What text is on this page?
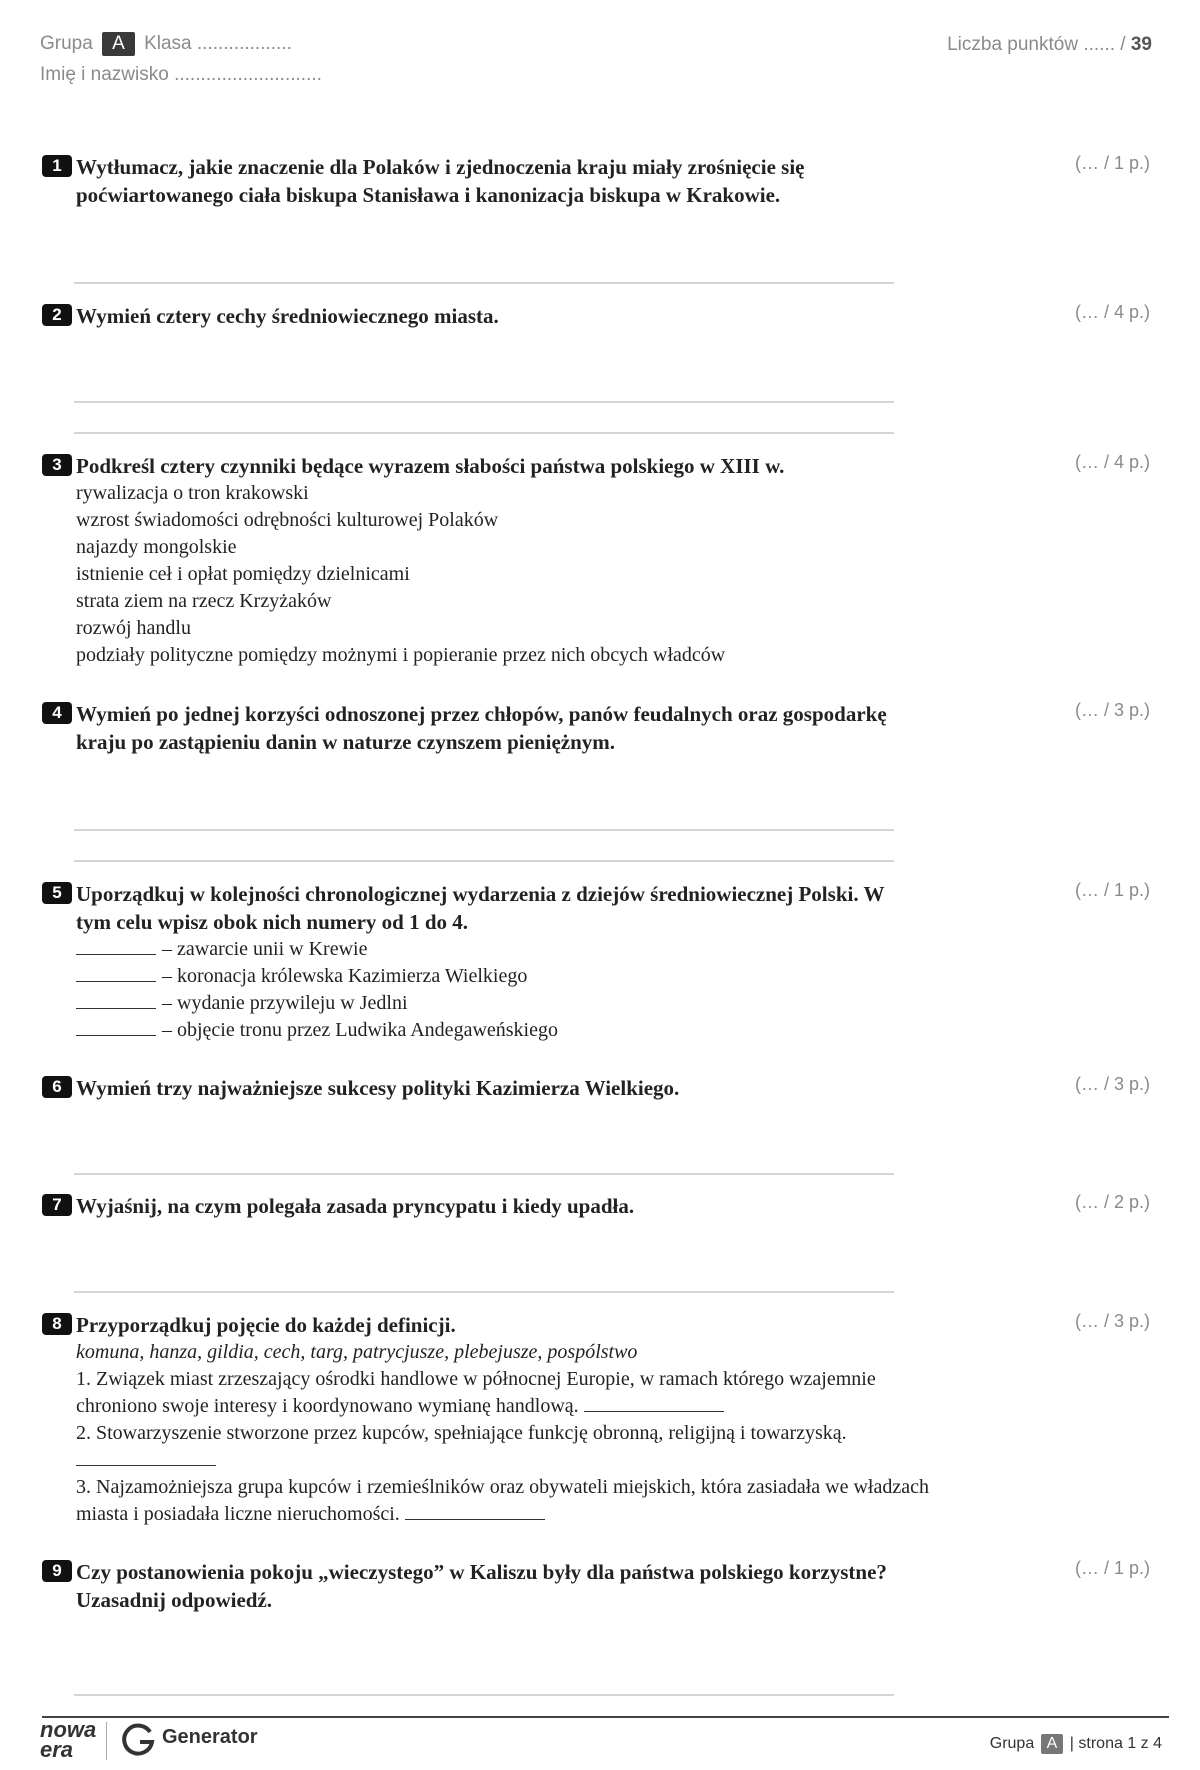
Grupa A Klasa ..................
Imię i nazwisko ............................
Liczba punktów ...... / 39
1 Wytłumacz, jakie znaczenie dla Polaków i zjednoczenia kraju miały zrośnięcie się poćwiartowanego ciała biskupa Stanisława i kanonizacja biskupa w Krakowie.
(… / 1 p.)
2 Wymień cztery cechy średniowiecznego miasta.	(… / 4 p.)
3 Podkreśl cztery czynniki będące wyrazem słabości państwa polskiego w XIII w.	(… / 4 p.)
rywalizacja o tron krakowski
wzrost świadomości odrębności kulturowej Polaków
najazdy mongolskie
istnienie ceł i opłat pomiędzy dzielnicami
strata ziem na rzecz Krzyżaków
rozwój handlu
podziały polityczne pomiędzy możnymi i popieranie przez nich obcych władców
4 Wymień po jednej korzyści odnoszonej przez chłopów, panów feudalnych oraz gospodarkę kraju po zastąpieniu danin w naturze czynszem pieniężnym.
(… / 3 p.)
5 Uporządkuj w kolejności chronologicznej wydarzenia z dziejów średniowiecznej Polski. W tym celu wpisz obok nich numery od 1 do 4.
(… / 1 p.)
– zawarcie unii w Krewie
– koronacja królewska Kazimierza Wielkiego
– wydanie przywileju w Jedlni
– objęcie tronu przez Ludwika Andegaweńskiego
6 Wymień trzy najważniejsze sukcesy polityki Kazimierza Wielkiego.	(… / 3 p.)
7 Wyjaśnij, na czym polegała zasada pryncypatu i kiedy upadła.	(… / 2 p.)
8 Przyporządkuj pojęcie do każdej definicji.	(… / 3 p.)
komuna, hanza, gildia, cech, targ, patrycjusze, plebejusze, pospólstwo
1. Związek miast zrzeszający ośrodki handlowe w północnej Europie, w ramach którego wzajemnie chroniono swoje interesy i koordynowano wymianę handlową.
2. Stowarzyszenie stworzone przez kupców, spełniające funkcję obronną, religijną i towarzyską.
3. Najzamożniejsza grupa kupców i rzemieślników oraz obywateli miejskich, która zasiadała we władzach miasta i posiadała liczne nieruchomości.
9 Czy postanowienia pokoju „wieczystego” w Kaliszu były dla państwa polskiego korzystne? Uzasadnij odpowiedź.
(… / 1 p.)
nowa era	Generator	Grupa A | strona 1 z 4
